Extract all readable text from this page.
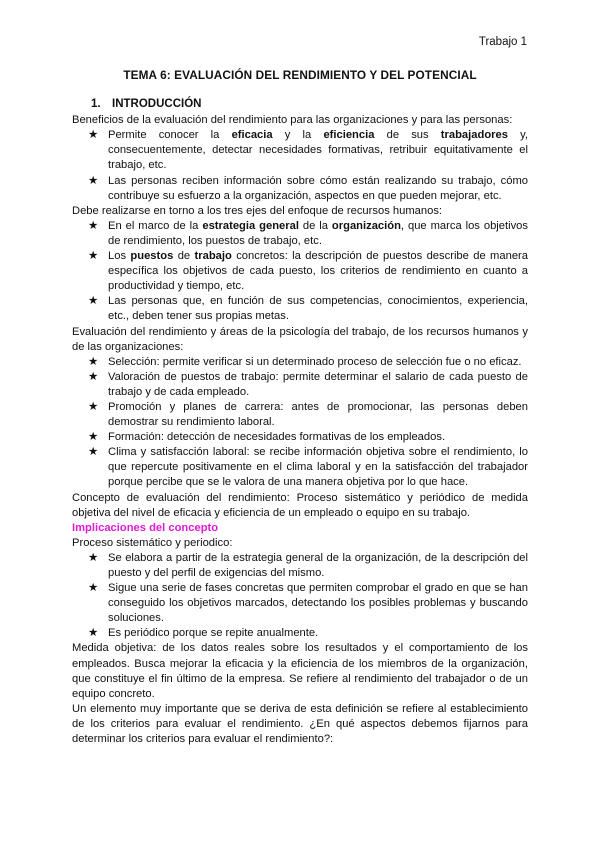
Trabajo 1
TEMA 6: EVALUACIÓN DEL RENDIMIENTO Y DEL POTENCIAL
1. INTRODUCCIÓN

Beneficios de la evaluación del rendimiento para las organizaciones y para las personas:

★ Permite conocer la eficacia y la eficiencia de sus trabajadores y, consecuentemente, detectar necesidades formativas, retribuir equitativamente el trabajo, etc.
★ Las personas reciben información sobre cómo están realizando su trabajo, cómo contribuye su esfuerzo a la organización, aspectos en que pueden mejorar, etc.

Debe realizarse en torno a los tres ejes del enfoque de recursos humanos:

★ En el marco de la estrategia general de la organización, que marca los objetivos de rendimiento, los puestos de trabajo, etc.
★ Los puestos de trabajo concretos: la descripción de puestos describe de manera específica los objetivos de cada puesto, los criterios de rendimiento en cuanto a productividad y tiempo, etc.
★ Las personas que, en función de sus competencias, conocimientos, experiencia, etc., deben tener sus propias metas.

Evaluación del rendimiento y áreas de la psicología del trabajo, de los recursos humanos y de las organizaciones:

★ Selección: permite verificar si un determinado proceso de selección fue o no eficaz.
★ Valoración de puestos de trabajo: permite determinar el salario de cada puesto de trabajo y de cada empleado.
★ Promoción y planes de carrera: antes de promocionar, las personas deben demostrar su rendimiento laboral.
★ Formación: detección de necesidades formativas de los empleados.
★ Clima y satisfacción laboral: se recibe información objetiva sobre el rendimiento, lo que repercute positivamente en el clima laboral y en la satisfacción del trabajador porque percibe que se le valora de una manera objetiva por lo que hace.

Concepto de evaluación del rendimiento: Proceso sistemático y periódico de medida objetiva del nivel de eficacia y eficiencia de un empleado o equipo en su trabajo.

Implicaciones del concepto

Proceso sistemático y periodico:

★ Se elabora a partir de la estrategia general de la organización, de la descripción del puesto y del perfil de exigencias del mismo.
★ Sigue una serie de fases concretas que permiten comprobar el grado en que se han conseguido los objetivos marcados, detectando los posibles problemas y buscando soluciones.
★ Es periódico porque se repite anualmente.

Medida objetiva: de los datos reales sobre los resultados y el comportamiento de los empleados. Busca mejorar la eficacia y la eficiencia de los miembros de la organización, que constituye el fin último de la empresa. Se refiere al rendimiento del trabajador o de un equipo concreto.

Un elemento muy importante que se deriva de esta definición se refiere al establecimiento de los criterios para evaluar el rendimiento. ¿En qué aspectos debemos fijarnos para determinar los criterios para evaluar el rendimiento?:
